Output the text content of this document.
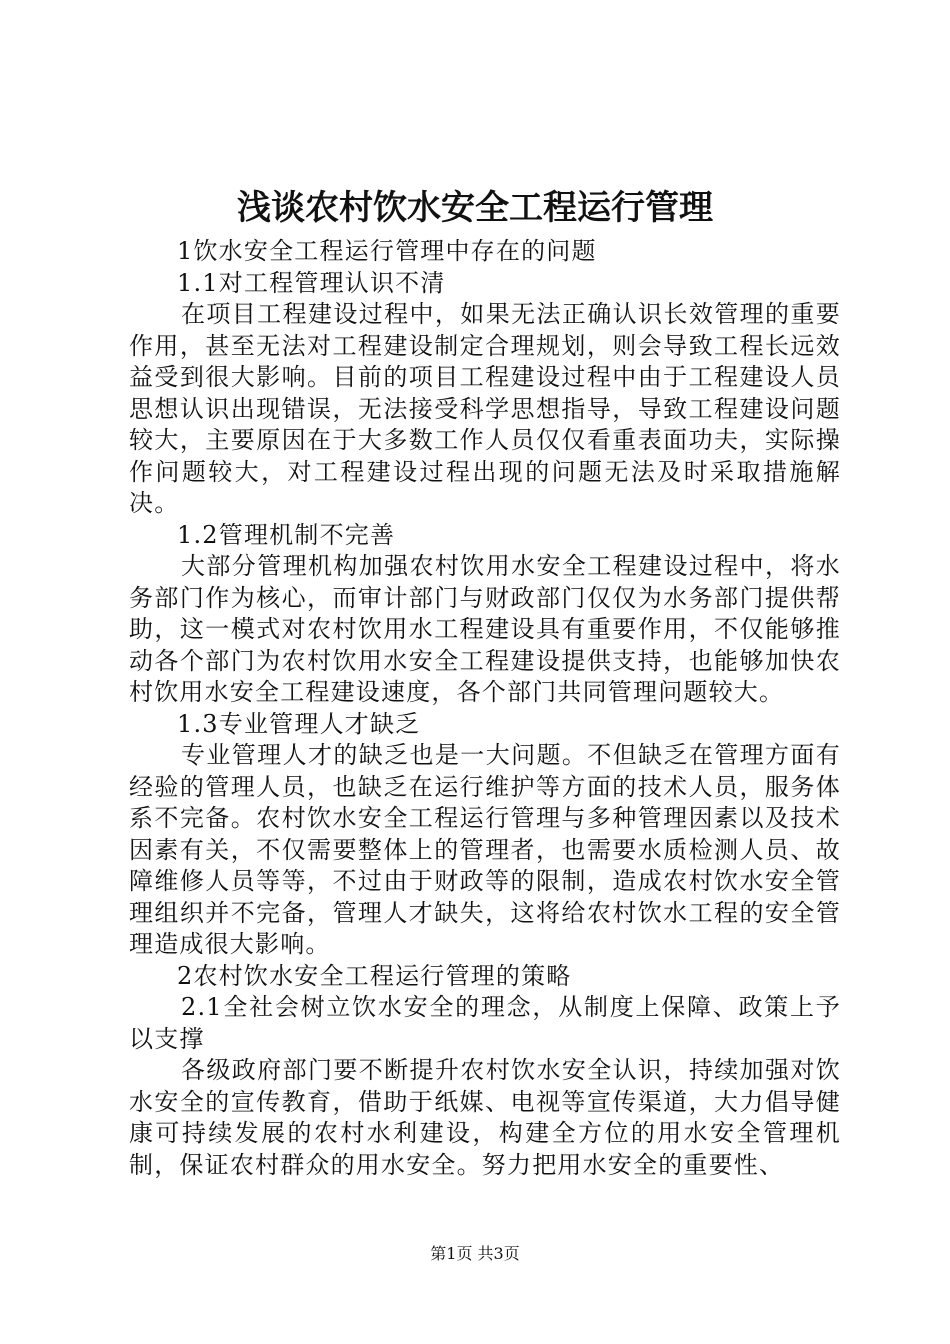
浅谈农村饮水安全工程运行管理

1饮水安全工程运行管理中存在的问题

1.1对工程管理认识不清

在项目工程建设过程中，如果无法正确认识长效管理的重要作用，甚至无法对工程建设制定合理规划，则会导致工程长远效益受到很大影响。目前的项目工程建设过程中由于工程建设人员思想认识出现错误，无法接受科学思想指导，导致工程建设问题较大，主要原因在于大多数工作人员仅仅看重表面功夫，实际操作问题较大，对工程建设过程出现的问题无法及时采取措施解决。

1.2管理机制不完善

大部分管理机构加强农村饮用水安全工程建设过程中，将水务部门作为核心，而审计部门与财政部门仅仅为水务部门提供帮助，这一模式对农村饮用水工程建设具有重要作用，不仅能够推动各个部门为农村饮用水安全工程建设提供支持，也能够加快农村饮用水安全工程建设速度，各个部门共同管理问题较大。

1.3专业管理人才缺乏

专业管理人才的缺乏也是一大问题。不但缺乏在管理方面有经验的管理人员，也缺乏在运行维护等方面的技术人员，服务体系不完备。农村饮水安全工程运行管理与多种管理因素以及技术因素有关，不仅需要整体上的管理者，也需要水质检测人员、故障维修人员等等，不过由于财政等的限制，造成农村饮水安全管理组织并不完备，管理人才缺失，这将给农村饮水工程的安全管理造成很大影响。

2农村饮水安全工程运行管理的策略

2.1全社会树立饮水安全的理念，从制度上保障、政策上予以支撑

各级政府部门要不断提升农村饮水安全认识，持续加强对饮水安全的宣传教育，借助于纸媒、电视等宣传渠道，大力倡导健康可持续发展的农村水利建设，构建全方位的用水安全管理机制，保证农村群众的用水安全。努力把用水安全的重要性、

第1页 共3页
